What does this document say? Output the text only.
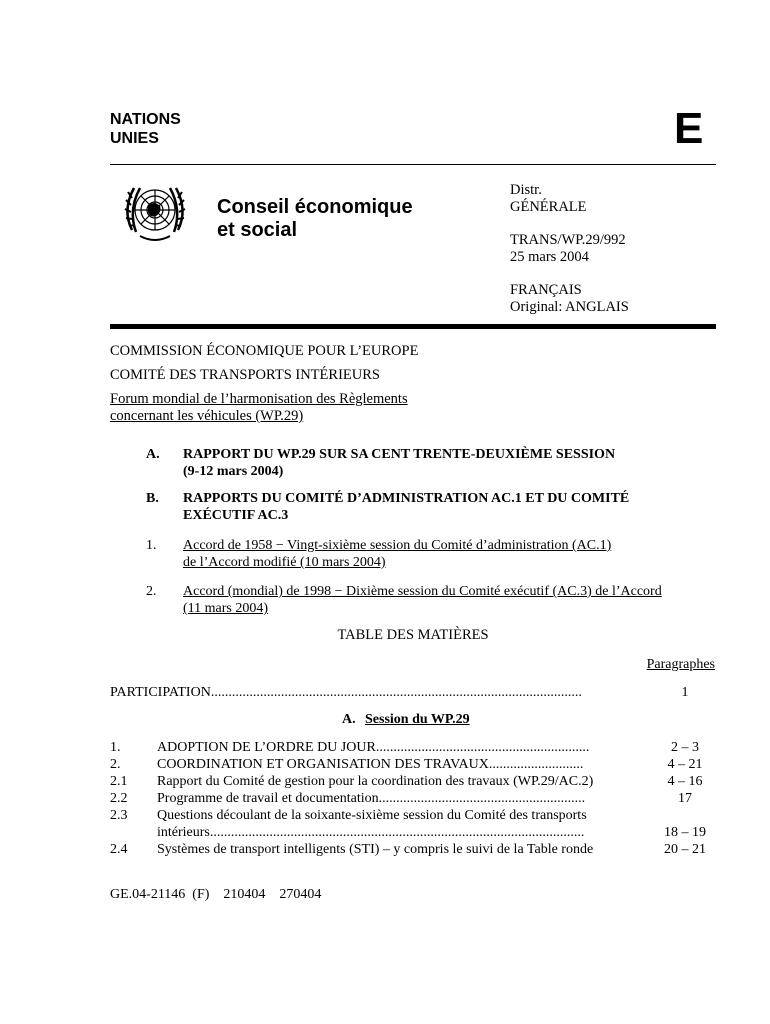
NATIONS
UNIES	E
Conseil économique
et social
Distr.
GÉNÉRALE
TRANS/WP.29/992
25 mars 2004
FRANÇAIS
Original: ANGLAIS
COMMISSION ÉCONOMIQUE POUR L’EUROPE
COMITÉ DES TRANSPORTS INTÉRIEURS
Forum mondial de l’harmonisation des Règlements
concernant les véhicules (WP.29)
A. RAPPORT DU WP.29 SUR SA CENT TRENTE-DEUXIÈME SESSION
(9-12 mars 2004)
B. RAPPORTS DU COMITÉ D’ADMINISTRATION AC.1 ET DU COMITÉ
EXÉCUTIF AC.3
1. Accord de 1958 − Vingt-sixième session du Comité d’administration (AC.1)
de l’Accord modifié (10 mars 2004)
2. Accord (mondial) de 1998 − Dixième session du Comité exécutif (AC.3) de l’Accord
(11 mars 2004)
TABLE DES MATIÈRES
Paragraphes
PARTICIPATION..........................................................................................................	1
A. Session du WP.29
1.	ADOPTION DE L’ORDRE DU JOUR.............................................................	2 – 3
2.	COORDINATION ET ORGANISATION DES TRAVAUX...........................	4 – 21
2.1 Rapport du Comité de gestion pour la coordination des travaux (WP.29/AC.2)	4 – 16
2.2 Programme de travail et documentation...........................................................	17
2.3 Questions découlant de la soixante-sixième session du Comité des transports
intérieurs...........................................................................................................	18 – 19
2.4 Systèmes de transport intelligents (STI) – y compris le suivi de la Table ronde	20 – 21
GE.04-21146  (F)    210404    270404
